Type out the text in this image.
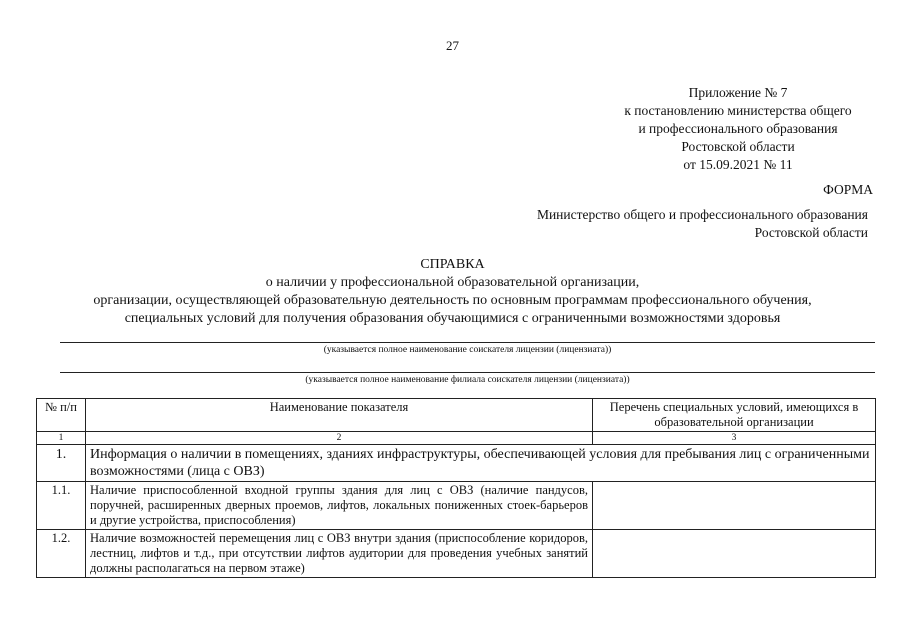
27
Приложение № 7
к постановлению министерства общего
и профессионального образования
Ростовской области
от 15.09.2021 № 11
ФОРМА
Министерство общего и профессионального образования
Ростовской области
СПРАВКА
о наличии у профессиональной образовательной организации,
организации, осуществляющей образовательную деятельность по основным программам профессионального обучения,
специальных условий для получения образования обучающимися с ограниченными возможностями здоровья
(указывается полное наименование соискателя лицензии (лицензиата))
(указывается полное наименование филиала соискателя лицензии (лицензиата))
№ п/п	Наименование показателя	Перечень специальных условий, имеющихся в образовательной организации
1	2	3
1.	Информация о наличии в помещениях, зданиях инфраструктуры, обеспечивающей условия для пребывания лиц с ограниченными возможностями (лица с ОВЗ)	
1.1.	Наличие приспособленной входной группы здания для лиц с ОВЗ (наличие пандусов, поручней, расширенных дверных проемов, лифтов, локальных пониженных стоек-барьеров и другие устройства, приспособления)	
1.2.	Наличие возможностей перемещения лиц с ОВЗ внутри здания (приспособление коридоров, лестниц, лифтов и т.д., при отсутствии лифтов аудитории для проведения учебных занятий должны располагаться на первом этаже)	
